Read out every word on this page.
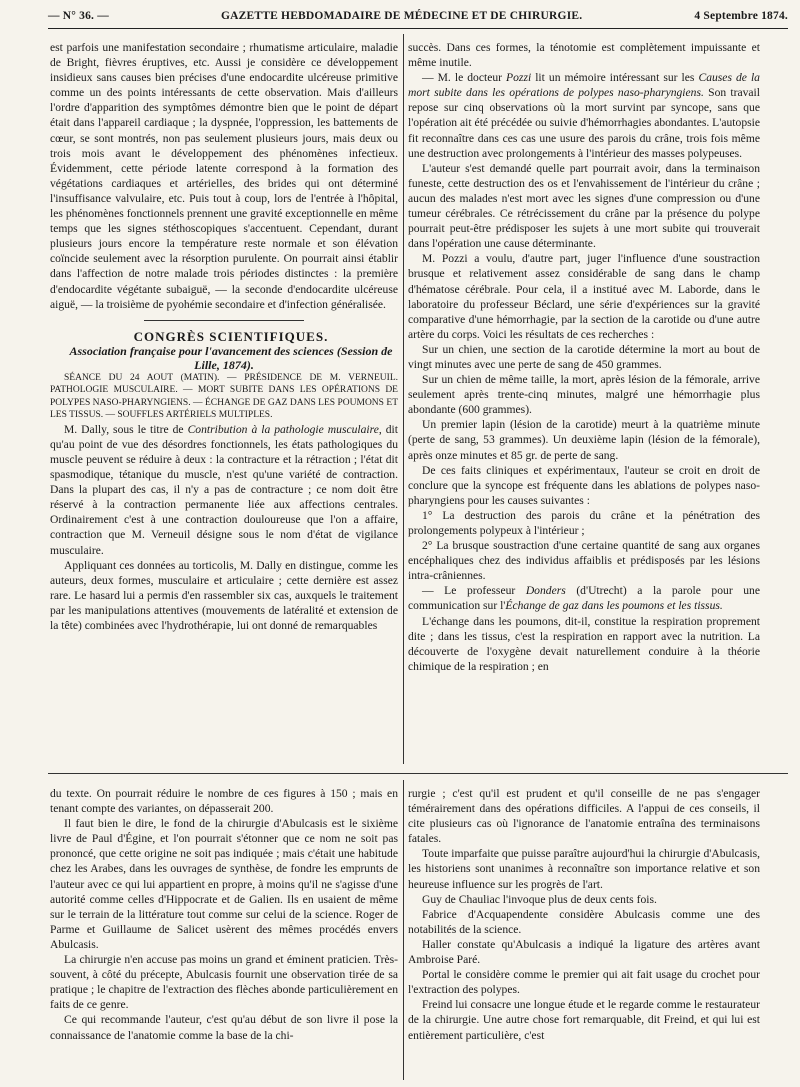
— N° 36. —	GAZETTE HEBDOMADAIRE DE MÉDECINE ET DE CHIRURGIE.	4 Septembre 1874.

est parfois une manifestation secondaire ; rhumatisme articulaire, maladie de Bright, fièvres éruptives, etc. Aussi je considère ce développement insidieux sans causes bien précises d'une endocardite ulcéreuse primitive comme un des points intéressants de cette observation. Mais d'ailleurs l'ordre d'apparition des symptômes démontre bien que le point de départ était dans l'appareil cardiaque ; la dyspnée, l'oppression, les battements de cœur, se sont montrés, non pas seulement plusieurs jours, mais deux ou trois mois avant le développement des phénomènes infectieux. Évidemment, cette période latente correspond à la formation des végétations cardiaques et artérielles, des brides qui ont déterminé l'insuffisance valvulaire, etc. Puis tout à coup, lors de l'entrée à l'hôpital, les phénomènes fonctionnels prennent une gravité exceptionnelle en même temps que les signes stéthoscopiques s'accentuent. Cependant, durant plusieurs jours encore la température reste normale et son élévation coïncide seulement avec la résorption purulente. On pourrait ainsi établir dans l'affection de notre malade trois périodes distinctes : la première d'endocardite végétante subaiguë, — la seconde d'endocardite ulcéreuse aiguë, — la troisième de pyohémie secondaire et d'infection généralisée.

CONGRÈS SCIENTIFIQUES.

Association française pour l'avancement des sciences (Session de Lille, 1874).

SÉANCE DU 24 AOUT (MATIN). — PRÉSIDENCE DE M. VERNEUIL. PATHOLOGIE MUSCULAIRE. — MORT SUBITE DANS LES OPÉRATIONS DE POLYPES NASO-PHARYNGIENS. — ÉCHANGE DE GAZ DANS LES POUMONS ET LES TISSUS. — SOUFFLES ARTÉRIELS MULTIPLES.

M. Dally, sous le titre de Contribution à la pathologie musculaire, dit qu'au point de vue des désordres fonctionnels, les états pathologiques du muscle peuvent se réduire à deux : la contracture et la rétraction ; l'état dit spasmodique, tétanique du muscle, n'est qu'une variété de contraction. Dans la plupart des cas, il n'y a pas de contracture ; ce nom doit être réservé à la contraction permanente liée aux affections centrales. Ordinairement c'est à une contraction douloureuse que l'on a affaire, contraction que M. Verneuil désigne sous le nom d'état de vigilance musculaire.

Appliquant ces données au torticolis, M. Dally en distingue, comme les auteurs, deux formes, musculaire et articulaire ; cette dernière est assez rare. Le hasard lui a permis d'en rassembler six cas, auxquels le traitement par les manipulations attentives (mouvements de latéralité et extension de la tête) combinées avec l'hydrothérapie, lui ont donné de remarquables

succès. Dans ces formes, la ténotomie est complètement impuissante et même inutile.

— M. le docteur Pozzi lit un mémoire intéressant sur les Causes de la mort subite dans les opérations de polypes naso-pharyngiens. Son travail repose sur cinq observations où la mort survint par syncope, sans que l'opération ait été précédée ou suivie d'hémorrhagies abondantes. L'autopsie fit reconnaître dans ces cas une usure des parois du crâne, trois fois même une destruction avec prolongements à l'intérieur des masses polypeuses.

L'auteur s'est demandé quelle part pourrait avoir, dans la terminaison funeste, cette destruction des os et l'envahissement de l'intérieur du crâne ; aucun des malades n'est mort avec les signes d'une compression ou d'une tumeur cérébrales. Ce rétrécissement du crâne par la présence du polype pourrait peut-être prédisposer les sujets à une mort subite qui trouverait dans l'opération une cause déterminante.

M. Pozzi a voulu, d'autre part, juger l'influence d'une soustraction brusque et relativement assez considérable de sang dans le champ d'hématose cérébrale. Pour cela, il a institué avec M. Laborde, dans le laboratoire du professeur Béclard, une série d'expériences sur la gravité comparative d'une hémorrhagie, par la section de la carotide ou d'une autre artère du corps. Voici les résultats de ces recherches :

Sur un chien, une section de la carotide détermine la mort au bout de vingt minutes avec une perte de sang de 450 grammes.

Sur un chien de même taille, la mort, après lésion de la fémorale, arrive seulement après trente-cinq minutes, malgré une hémorrhagie plus abondante (600 grammes).

Un premier lapin (lésion de la carotide) meurt à la quatrième minute (perte de sang, 53 grammes). Un deuxième lapin (lésion de la fémorale), après onze minutes et 85 gr. de perte de sang.

De ces faits cliniques et expérimentaux, l'auteur se croit en droit de conclure que la syncope est fréquente dans les ablations de polypes naso-pharyngiens pour les causes suivantes :

1° La destruction des parois du crâne et la pénétration des prolongements polypeux à l'intérieur ;

2° La brusque soustraction d'une certaine quantité de sang aux organes encéphaliques chez des individus affaiblis et prédisposés par les lésions intra-crâniennes.

— Le professeur Donders (d'Utrecht) a la parole pour une communication sur l'Échange de gaz dans les poumons et les tissus.

L'échange dans les poumons, dit-il, constitue la respiration proprement dite ; dans les tissus, c'est la respiration en rapport avec la nutrition. La découverte de l'oxygène devait naturellement conduire à la théorie chimique de la respiration ; en

du texte. On pourrait réduire le nombre de ces figures à 150 ; mais en tenant compte des variantes, on dépasserait 200.

Il faut bien le dire, le fond de la chirurgie d'Abulcasis est le sixième livre de Paul d'Égine, et l'on pourrait s'étonner que ce nom ne soit pas prononcé, que cette origine ne soit pas indiquée ; mais c'était une habitude chez les Arabes, dans les ouvrages de synthèse, de fondre les emprunts de l'auteur avec ce qui lui appartient en propre, à moins qu'il ne s'agisse d'une autorité comme celles d'Hippocrate et de Galien. Ils en usaient de même sur le terrain de la littérature tout comme sur celui de la science. Roger de Parme et Guillaume de Salicet usèrent des mêmes procédés envers Abulcasis.

La chirurgie n'en accuse pas moins un grand et éminent praticien. Très-souvent, à côté du précepte, Abulcasis fournit une observation tirée de sa pratique ; le chapitre de l'extraction des flèches abonde particulièrement en faits de ce genre.

Ce qui recommande l'auteur, c'est qu'au début de son livre il pose la connaissance de l'anatomie comme la base de la chi-

rurgie ; c'est qu'il est prudent et qu'il conseille de ne pas s'engager témérairement dans des opérations difficiles. A l'appui de ces conseils, il cite plusieurs cas où l'ignorance de l'anatomie entraîna des terminaisons fatales.

Toute imparfaite que puisse paraître aujourd'hui la chirurgie d'Abulcasis, les historiens sont unanimes à reconnaître son importance relative et son heureuse influence sur les progrès de l'art.

Guy de Chauliac l'invoque plus de deux cents fois.

Fabrice d'Acquapendente considère Abulcasis comme une des notabilités de la science.

Haller constate qu'Abulcasis a indiqué la ligature des artères avant Ambroise Paré.

Portal le considère comme le premier qui ait fait usage du crochet pour l'extraction des polypes.

Freind lui consacre une longue étude et le regarde comme le restaurateur de la chirurgie. Une autre chose fort remarquable, dit Freind, et qui lui est entièrement particulière, c'est
